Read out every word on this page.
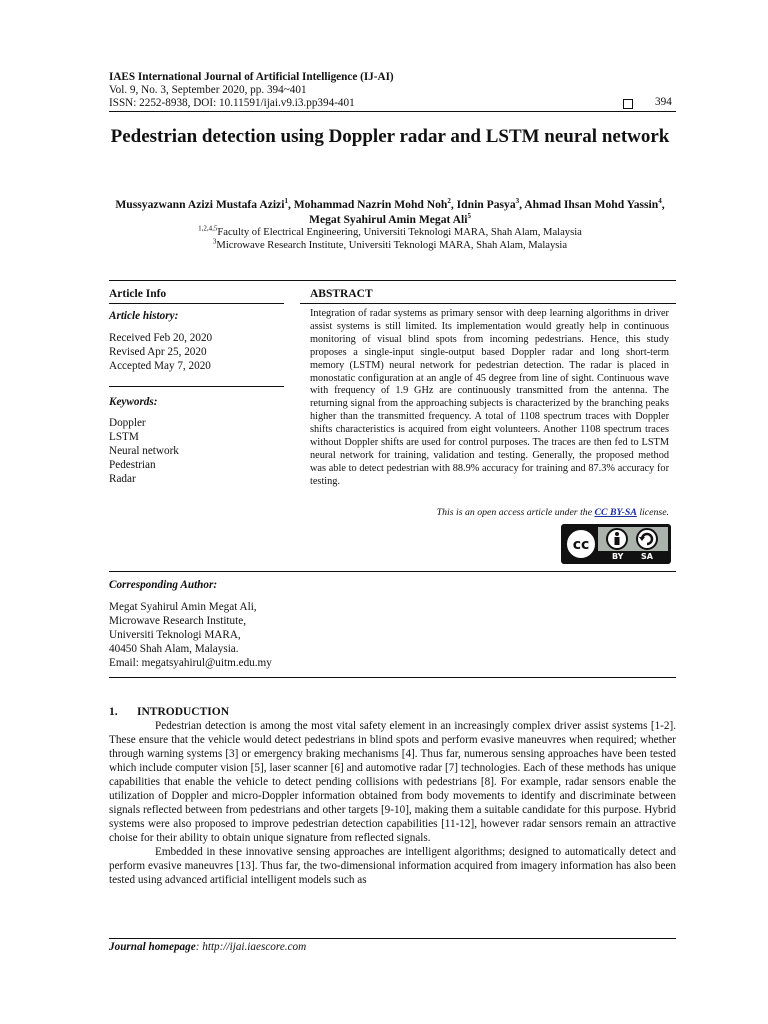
IAES International Journal of Artificial Intelligence (IJ-AI)
Vol. 9, No. 3, September 2020, pp. 394~401
ISSN: 2252-8938, DOI: 10.11591/ijai.v9.i3.pp394-401	394
Pedestrian detection using Doppler radar and LSTM neural network
Mussyazwann Azizi Mustafa Azizi$^1$, Mohammad Nazrin Mohd Noh$^2$, Idnin Pasya$^3$, Ahmad Ihsan Mohd Yassin$^4$, Megat Syahirul Amin Megat Ali$^5$
$^{1,2,4,5}$Faculty of Electrical Engineering, Universiti Teknologi MARA, Shah Alam, Malaysia
$^3$Microwave Research Institute, Universiti Teknologi MARA, Shah Alam, Malaysia
Article Info	ABSTRACT
Article history:
Received Feb 20, 2020
Revised Apr 25, 2020
Accepted May 7, 2020
Keywords:
Doppler
LSTM
Neural network
Pedestrian
Radar
Integration of radar systems as primary sensor with deep learning algorithms in driver assist systems is still limited. Its implementation would greatly help in continuous monitoring of visual blind spots from incoming pedestrians. Hence, this study proposes a single-input single-output based Doppler radar and long short-term memory (LSTM) neural network for pedestrian detection. The radar is placed in monostatic configuration at an angle of 45 degree from line of sight. Continuous wave with frequency of 1.9 GHz are continuously transmitted from the antenna. The returning signal from the approaching subjects is characterized by the branching peaks higher than the transmitted frequency. A total of 1108 spectrum traces with Doppler shifts characteristics is acquired from eight volunteers. Another 1108 spectrum traces without Doppler shifts are used for control purposes. The traces are then fed to LSTM neural network for training, validation and testing. Generally, the proposed method was able to detect pedestrian with 88.9% accuracy for training and 87.3% accuracy for testing.
This is an open access article under the CC BY-SA license.
cc
BY SA
Corresponding Author:
Megat Syahirul Amin Megat Ali,
Microwave Research Institute,
Universiti Teknologi MARA,
40450 Shah Alam, Malaysia.
Email: megatsyahirul@uitm.edu.my
1. INTRODUCTION

Pedestrian detection is among the most vital safety element in an increasingly complex driver assist systems [1-2]. These ensure that the vehicle would detect pedestrians in blind spots and perform evasive maneuvres when required; whether through warning systems [3] or emergency braking mechanisms [4]. Thus far, numerous sensing approaches have been tested which include computer vision [5], laser scanner [6] and automotive radar [7] technologies. Each of these methods has unique capabilities that enable the vehicle to detect pending collisions with pedestrians [8]. For example, radar sensors enable the utilization of Doppler and micro-Doppler information obtained from body movements to identify and discriminate between signals reflected between from pedestrians and other targets [9-10], making them a suitable candidate for this purpose. Hybrid systems were also proposed to improve pedestrian detection capabilities [11-12], however radar sensors remain an attractive choise for their ability to obtain unique signature from reflected signals.

Embedded in these innovative sensing approaches are intelligent algorithms; designed to automatically detect and perform evasive maneuvres [13]. Thus far, the two-dimensional information acquired from imagery information has also been tested using advanced artificial intelligent models such as

Journal homepage: http://ijai.iaescore.com
